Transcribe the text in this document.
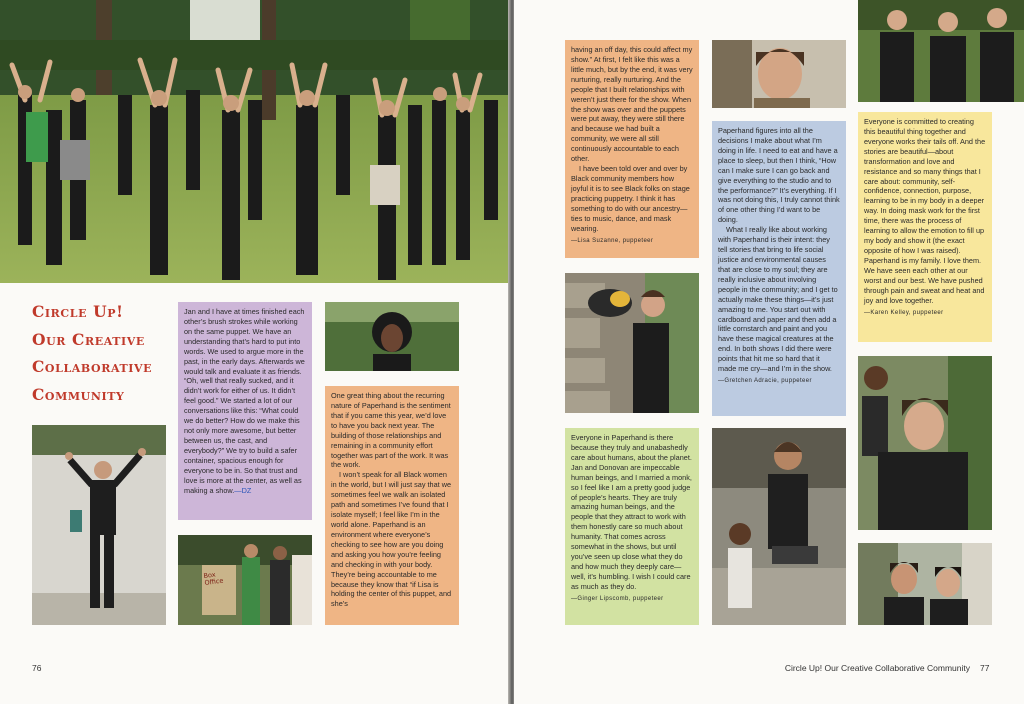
Circle Up!
Our Creative
Collaborative
Community

Jan and I have at times finished each other’s brush strokes while working on the same puppet. We have an understanding that’s hard to put into words. We used to argue more in the past, in the early days. Afterwards we would talk and evaluate it as friends. “Oh, well that really sucked, and it didn’t work for either of us. It didn’t feel good.” We started a lot of our conversations like this: “What could we do better? How do we make this not only more awesome, but better between us, the cast, and everybody?” We try to build a safer container, spacious enough for everyone to be in. So that trust and love is more at the center, as well as making a show.—DZ

Box Office

One great thing about the recurring nature of Paperhand is the sentiment that if you came this year, we’d love to have you back next year. The building of those relationships and remaining in a community effort together was part of the work. It was the work.

I won’t speak for all Black women in the world, but I will just say that we sometimes feel we walk an isolated path and sometimes I’ve found that I isolate myself; I feel like I’m in the world alone. Paperhand is an environment where everyone’s checking to see how are you doing and asking you how you’re feeling and checking in with your body. They’re being accountable to me because they know that “if Lisa is holding the center of this puppet, and she’s

76

having an off day, this could affect my show.” At first, I felt like this was a little much, but by the end, it was very nurturing, really nurturing. And the people that I built relationships with weren’t just there for the show. When the show was over and the puppets were put away, they were still there and because we had built a community, we were all still continuously accountable to each other.

I have been told over and over by Black community members how joyful it is to see Black folks on stage practicing puppetry. I think it has something to do with our ancestry—ties to music, dance, and mask wearing.

—Lisa Suzanne, puppeteer

Everyone in Paperhand is there because they truly and unabashedly care about humans, about the planet. Jan and Donovan are impeccable human beings, and I married a monk, so I feel like I am a pretty good judge of people’s hearts. They are truly amazing human beings, and the people that they attract to work with them honestly care so much about humanity. That comes across somewhat in the shows, but until you’ve seen up close what they do and how much they deeply care—well, it’s humbling. I wish I could care as much as they do.

—Ginger Lipscomb, puppeteer

Paperhand figures into all the decisions I make about what I’m doing in life. I need to eat and have a place to sleep, but then I think, “How can I make sure I can go back and give everything to the studio and to the performance?” It’s everything. If I was not doing this, I truly cannot think of one other thing I’d want to be doing.

What I really like about working with Paperhand is their intent: they tell stories that bring to life social justice and environmental causes that are close to my soul; they are really inclusive about involving people in the community; and I get to actually make these things—it’s just amazing to me. You start out with cardboard and paper and then add a little cornstarch and paint and you have these magical creatures at the end. In both shows I did there were points that hit me so hard that it made me cry—and I’m in the show.

—Gretchen Adracie, puppeteer

Everyone is committed to creating this beautiful thing together and everyone works their tails off. And the stories are beautiful—about transformation and love and resistance and so many things that I care about: community, self-confidence, connection, purpose, learning to be in my body in a deeper way. In doing mask work for the first time, there was the process of learning to allow the emotion to fill up my body and show it (the exact opposite of how I was raised). Paperhand is my family. I love them. We have seen each other at our worst and our best. We have pushed through pain and sweat and heat and joy and love together.

—Karen Kelley, puppeteer
Circle Up! Our Creative Collaborative Community 77
